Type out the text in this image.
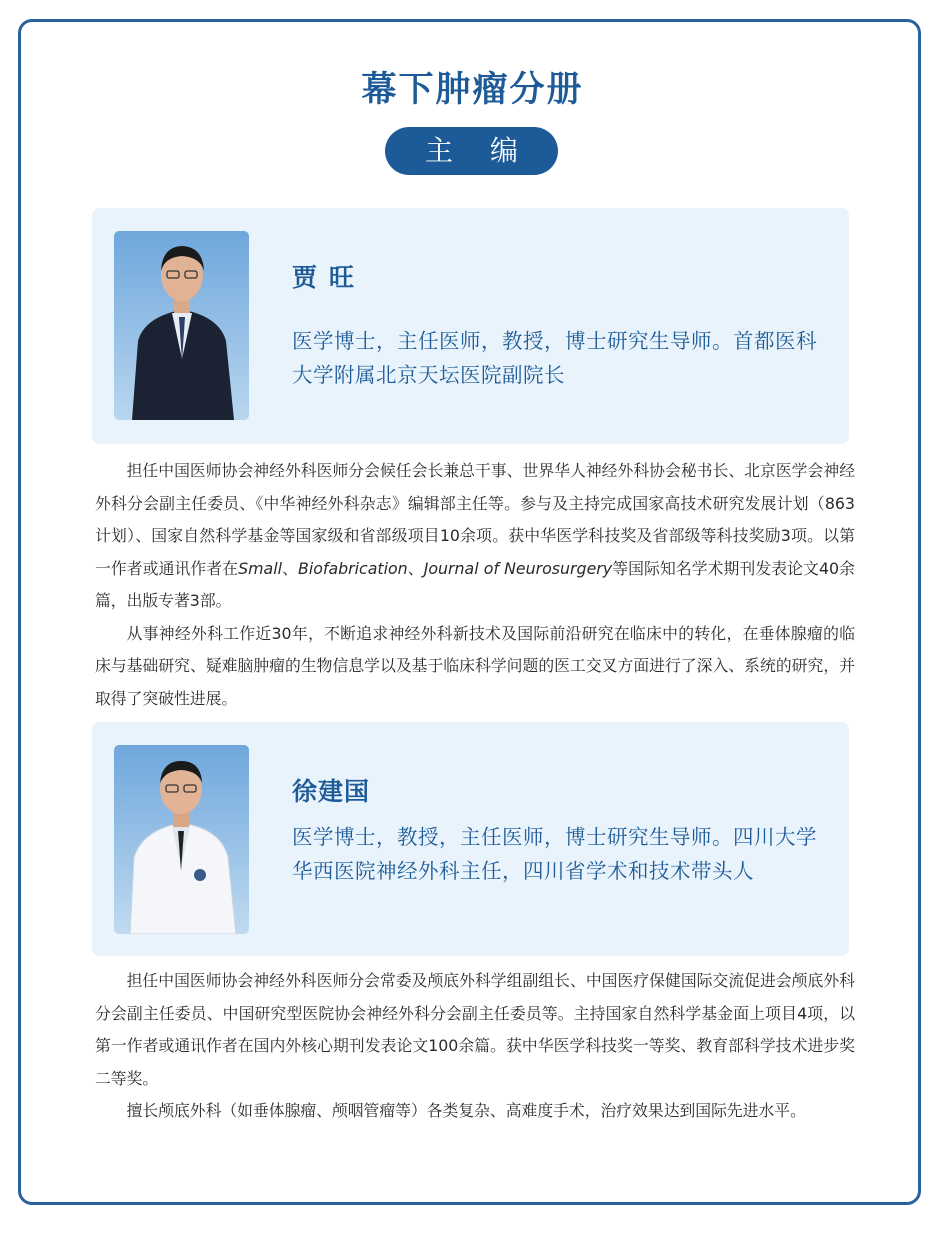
幕下肿瘤分册
主 编
贾旺
医学博士，主任医师，教授，博士研究生导师。首都医科大学附属北京天坛医院副院长

担任中国医师协会神经外科医师分会候任会长兼总干事、世界华人神经外科协会秘书长、北京医学会神经外科分会副主任委员、《中华神经外科杂志》编辑部主任等。参与及主持完成国家高技术研究发展计划（863计划）、国家自然科学基金等国家级和省部级项目10余项。获中华医学科技奖及省部级等科技奖励3项。以第一作者或通讯作者在Small、Biofabrication、Journal of Neurosurgery等国际知名学术期刊发表论文40余篇，出版专著3部。

从事神经外科工作近30年，不断追求神经外科新技术及国际前沿研究在临床中的转化，在垂体腺瘤的临床与基础研究、疑难脑肿瘤的生物信息学以及基于临床科学问题的医工交叉方面进行了深入、系统的研究，并取得了突破性进展。

徐建国
医学博士，教授，主任医师，博士研究生导师。四川大学华西医院神经外科主任，四川省学术和技术带头人

担任中国医师协会神经外科医师分会常委及颅底外科学组副组长、中国医疗保健国际交流促进会颅底外科分会副主任委员、中国研究型医院协会神经外科分会副主任委员等。主持国家自然科学基金面上项目4项，以第一作者或通讯作者在国内外核心期刊发表论文100余篇。获中华医学科技奖一等奖、教育部科学技术进步奖二等奖。

擅长颅底外科（如垂体腺瘤、颅咽管瘤等）各类复杂、高难度手术，治疗效果达到国际先进水平。
